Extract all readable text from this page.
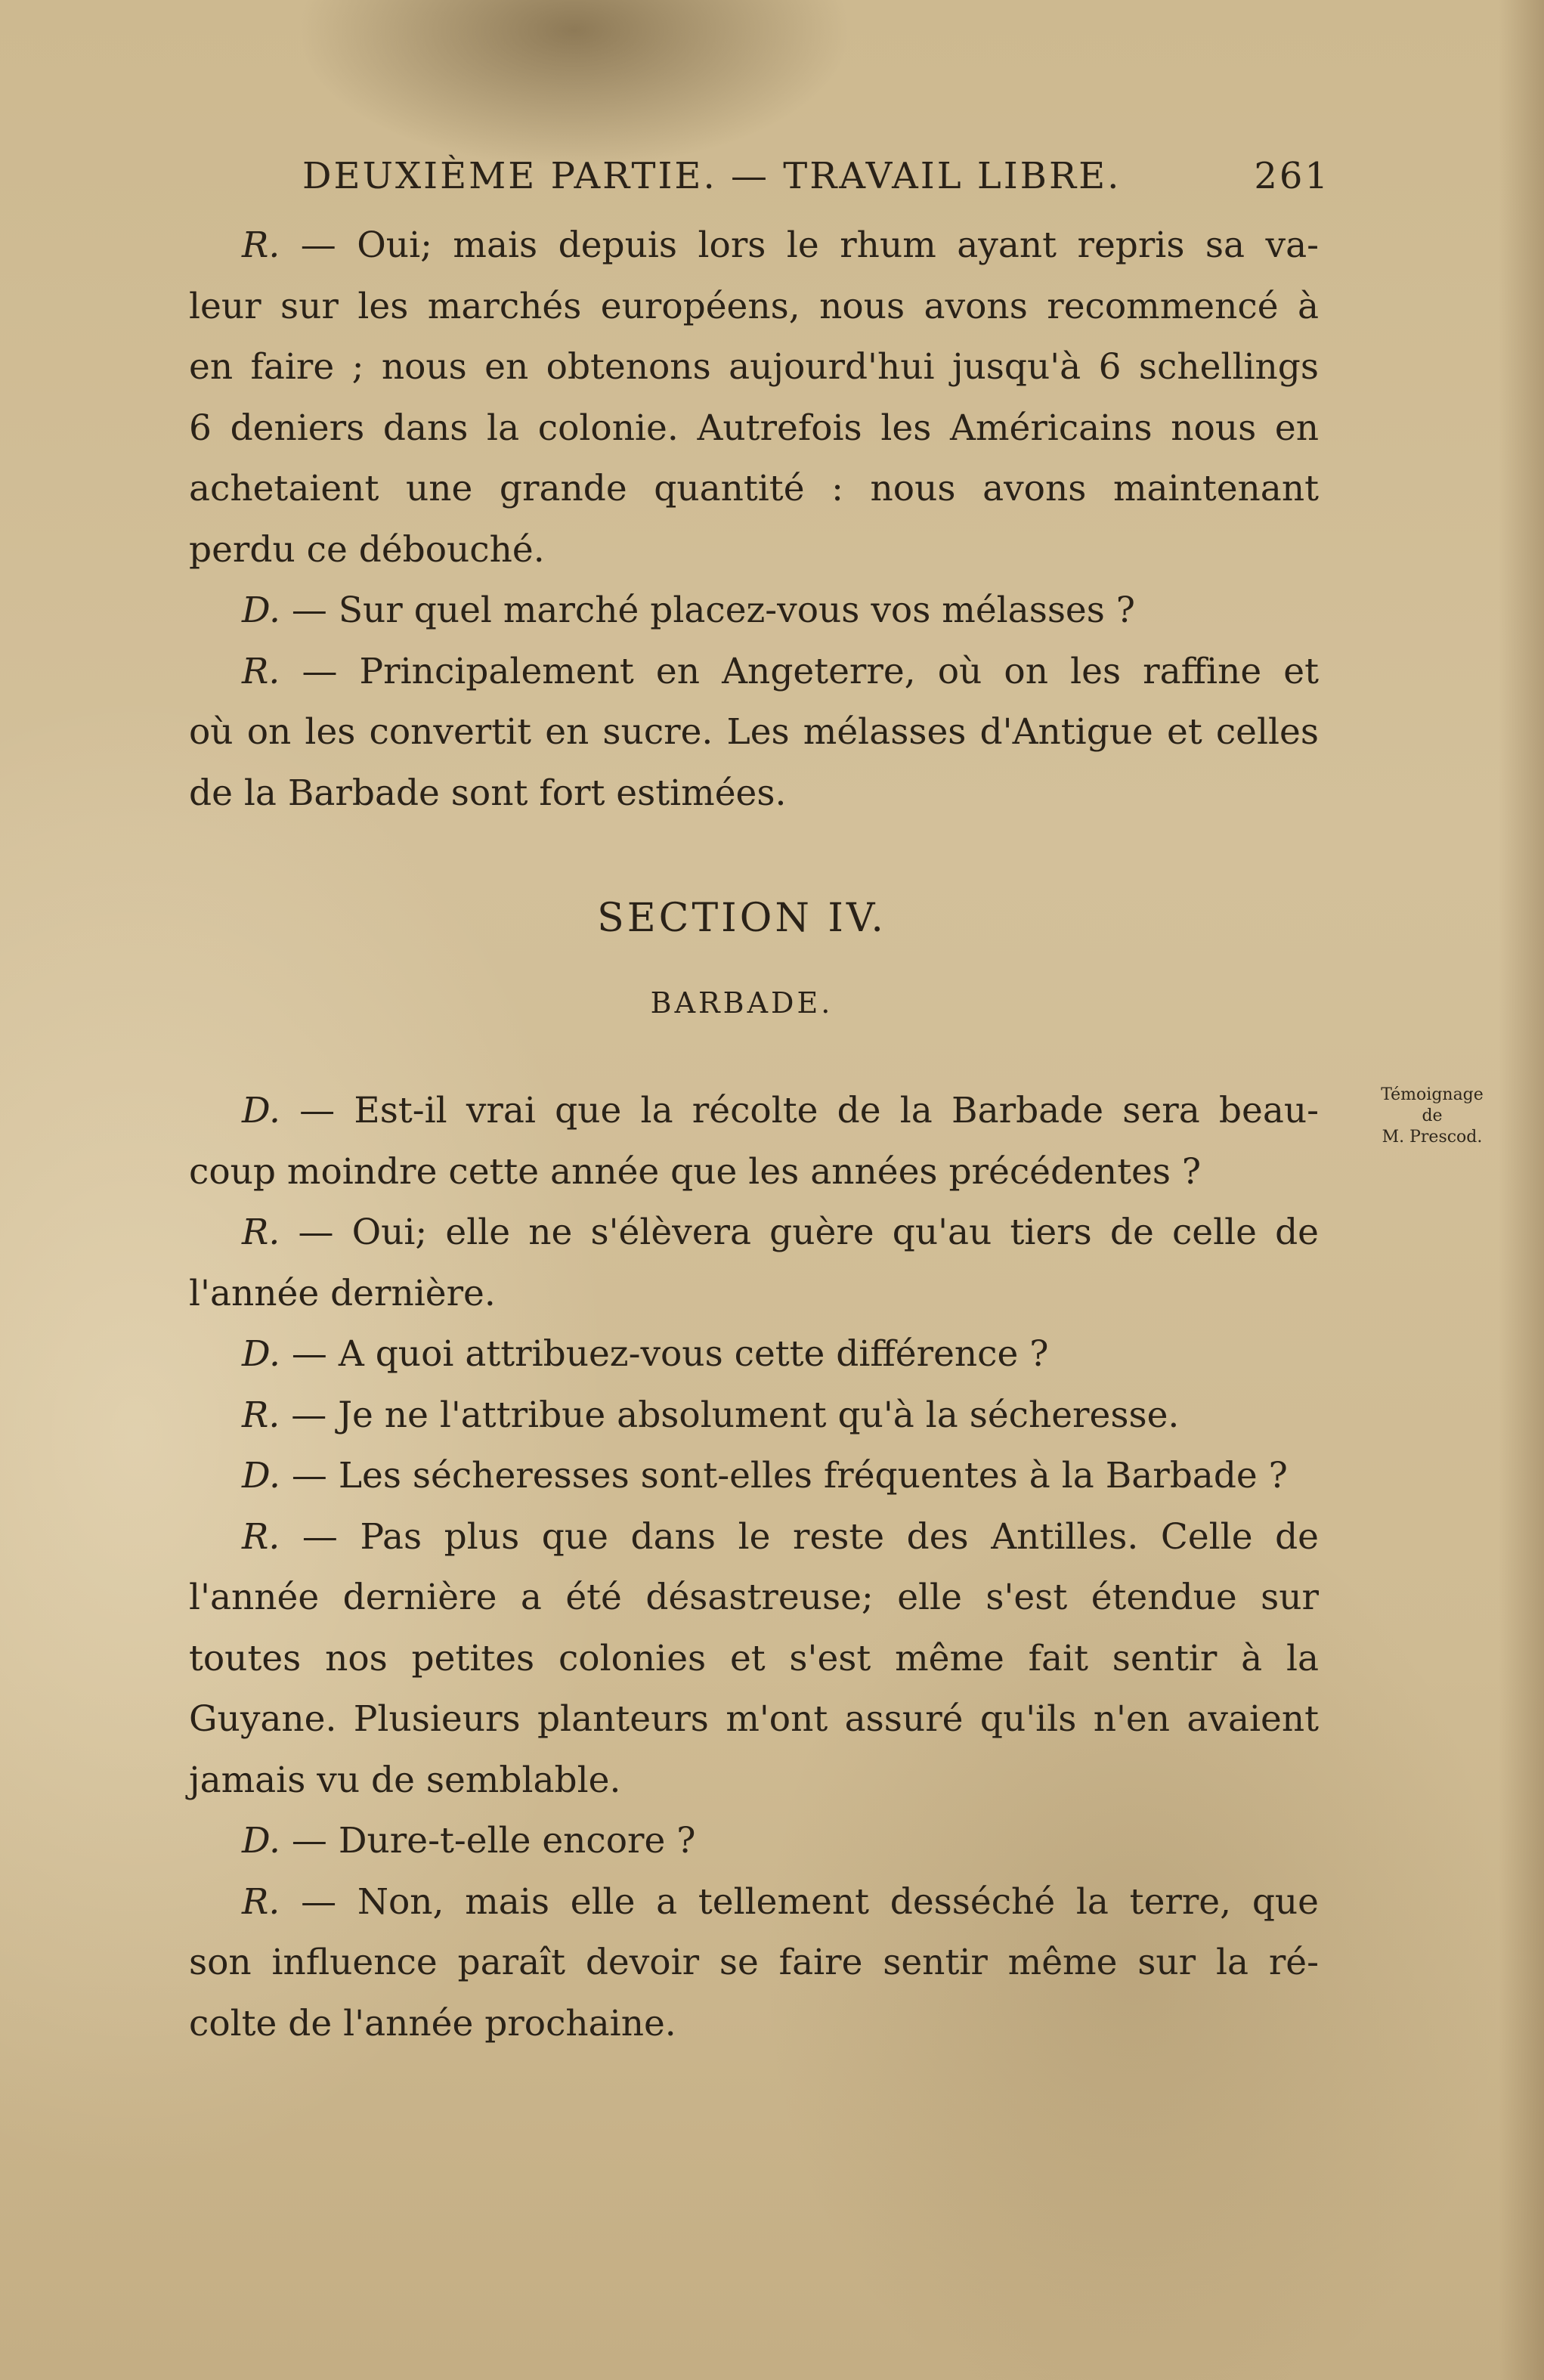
DEUXIÈME PARTIE. — TRAVAIL LIBRE.	261
R. — Oui; mais depuis lors le rhum ayant repris sa va-
leur sur les marchés européens, nous avons recommencé à
en faire ; nous en obtenons aujourd'hui jusqu'à 6 schellings
6 deniers dans la colonie. Autrefois les Américains nous en
achetaient une grande quantité : nous avons maintenant
perdu ce débouché.
D. — Sur quel marché placez-vous vos mélasses ?
R. — Principalement en Angeterre, où on les raffine et
où on les convertit en sucre. Les mélasses d'Antigue et celles
de la Barbade sont fort estimées.
SECTION IV.
BARBADE.
Témoignage
de
M. Prescod.
D. — Est-il vrai que la récolte de la Barbade sera beau-
coup moindre cette année que les années précédentes ?
R. — Oui; elle ne s'élèvera guère qu'au tiers de celle de
l'année dernière.
D. — A quoi attribuez-vous cette différence ?
R. — Je ne l'attribue absolument qu'à la sécheresse.
D. — Les sécheresses sont-elles fréquentes à la Barbade ?
R. — Pas plus que dans le reste des Antilles. Celle de
l'année dernière a été désastreuse; elle s'est étendue sur
toutes nos petites colonies et s'est même fait sentir à la
Guyane. Plusieurs planteurs m'ont assuré qu'ils n'en avaient
jamais vu de semblable.
D. — Dure-t-elle encore ?
R. — Non, mais elle a tellement desséché la terre, que
son influence paraît devoir se faire sentir même sur la ré-
colte de l'année prochaine.
